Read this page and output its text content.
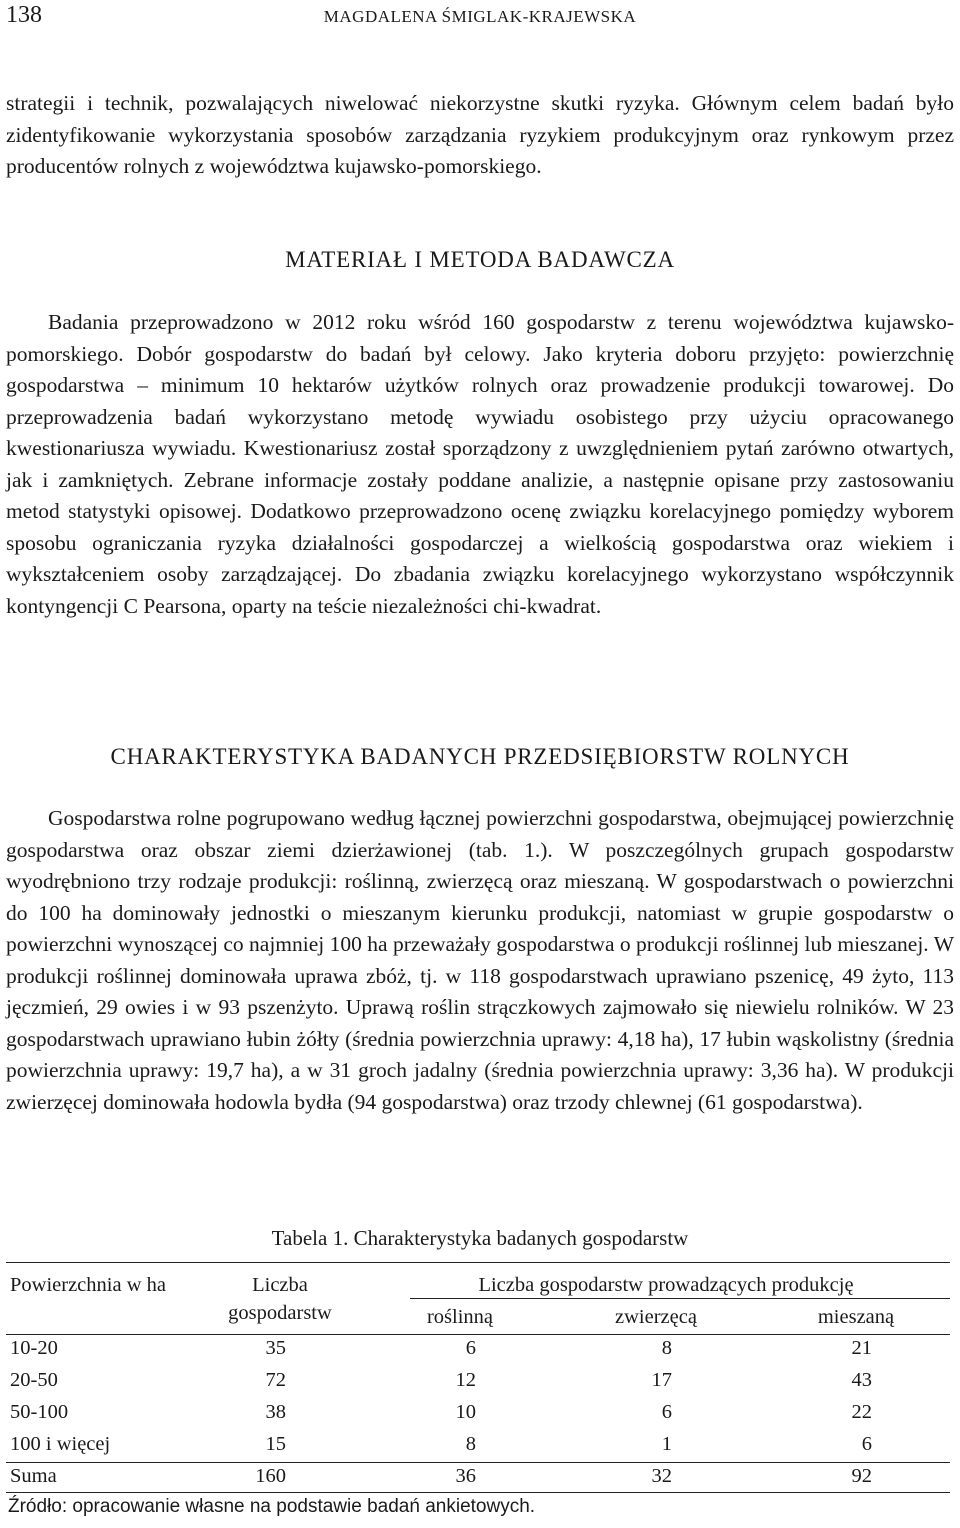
138	MAGDALENA ŚMIGLAK-KRAJEWSKA

strategii i technik, pozwalających niwelować niekorzystne skutki ryzyka. Głównym celem badań było zidentyfikowanie wykorzystania sposobów zarządzania ryzykiem produkcyjnym oraz rynkowym przez producentów rolnych z województwa kujawsko-pomorskiego.

MATERIAŁ I METODA BADAWCZA

Badania przeprowadzono w 2012 roku wśród 160 gospodarstw z terenu województwa kujawsko-pomorskiego. Dobór gospodarstw do badań był celowy. Jako kryteria doboru przyjęto: powierzchnię gospodarstwa – minimum 10 hektarów użytków rolnych oraz prowadzenie produkcji towarowej. Do przeprowadzenia badań wykorzystano metodę wywiadu osobistego przy użyciu opracowanego kwestionariusza wywiadu. Kwestionariusz został sporządzony z uwzględnieniem pytań zarówno otwartych, jak i zamkniętych. Zebrane informacje zostały poddane analizie, a następnie opisane przy zastosowaniu metod statystyki opisowej. Dodatkowo przeprowadzono ocenę związku korelacyjnego pomiędzy wyborem sposobu ograniczania ryzyka działalności gospodarczej a wielkością gospodarstwa oraz wiekiem i wykształceniem osoby zarządzającej. Do zbadania związku korelacyjnego wykorzystano współczynnik kontyngencji C Pearsona, oparty na teście niezależności chi-kwadrat.

CHARAKTERYSTYKA BADANYCH PRZEDSIĘBIORSTW ROLNYCH

Gospodarstwa rolne pogrupowano według łącznej powierzchni gospodarstwa, obejmującej powierzchnię gospodarstwa oraz obszar ziemi dzierżawionej (tab. 1.). W poszczególnych grupach gospodarstw wyodrębniono trzy rodzaje produkcji: roślinną, zwierzęcą oraz mieszaną. W gospodarstwach o powierzchni do 100 ha dominowały jednostki o mieszanym kierunku produkcji, natomiast w grupie gospodarstw o powierzchni wynoszącej co najmniej 100 ha przeważały gospodarstwa o produkcji roślinnej lub mieszanej. W produkcji roślinnej dominowała uprawa zbóż, tj. w 118 gospodarstwach uprawiano pszenicę, 49 żyto, 113 jęczmień, 29 owies i w 93 pszenżyto. Uprawą roślin strączkowych zajmowało się niewielu rolników. W 23 gospodarstwach uprawiano łubin żółty (średnia powierzchnia uprawy: 4,18 ha), 17 łubin wąskolistny (średnia powierzchnia uprawy: 19,7 ha), a w 31 groch jadalny (średnia powierzchnia uprawy: 3,36 ha). W produkcji zwierzęcej dominowała hodowla bydła (94 gospodarstwa) oraz trzody chlewnej (61 gospodarstwa).

Tabela 1. Charakterystyka badanych gospodarstw
Powierzchnia w ha	Liczba
gospodarstw
Liczba gospodarstw prowadzących produkcję
roślinną	zwierzęcą	mieszaną
10-20	35	6	8	21
20-50	72	12	17	43
50-100	38	10	6	22
100 i więcej	15	8	1	6
Suma	160	36	32	92
Źródło: opracowanie własne na podstawie badań ankietowych.
